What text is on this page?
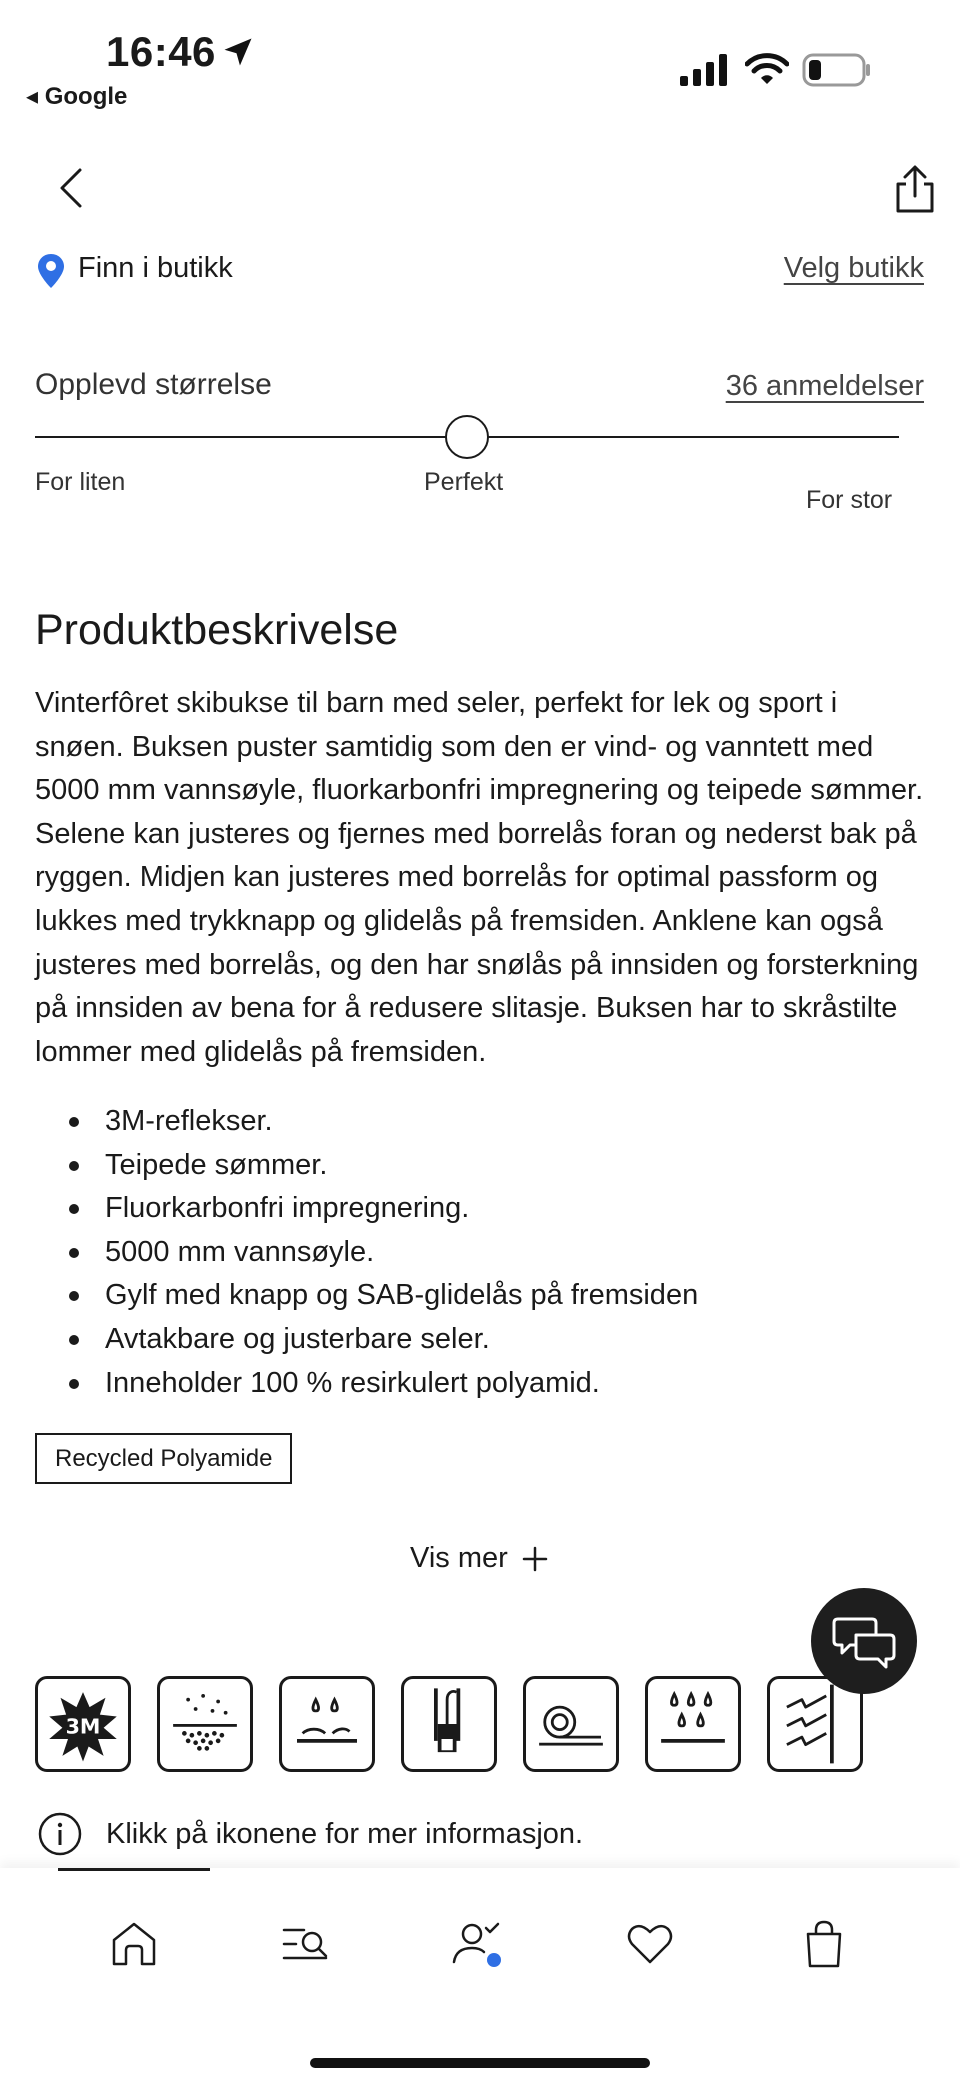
16:46
◂ Google
Finn i butikk	Velg butikk
Opplevd størrelse	36 anmeldelser
For liten	Perfekt
For stor
Produktbeskrivelse

Vinterfôret skibukse til barn med seler, perfekt for lek og sport i snøen. Buksen puster samtidig som den er vind- og vanntett med 5000 mm vannsøyle, fluorkarbonfri impregnering og teipede sømmer. Selene kan justeres og fjernes med borrelås foran og nederst bak på ryggen. Midjen kan justeres med borrelås for optimal passform og lukkes med trykknapp og glidelås på fremsiden. Anklene kan også justeres med borrelås, og den har snølås på innsiden og forsterkning på innsiden av bena for å redusere slitasje. Buksen har to skråstilte lommer med glidelås på fremsiden.

3M-reflekser.
Teipede sømmer.
Fluorkarbonfri impregnering.
5000 mm vannsøyle.
Gylf med knapp og SAB-glidelås på fremsiden
Avtakbare og justerbare seler.
Inneholder 100 % resirkulert polyamid.
Recycled Polyamide
Vis mer
3M
Klikk på ikonene for mer informasjon.
